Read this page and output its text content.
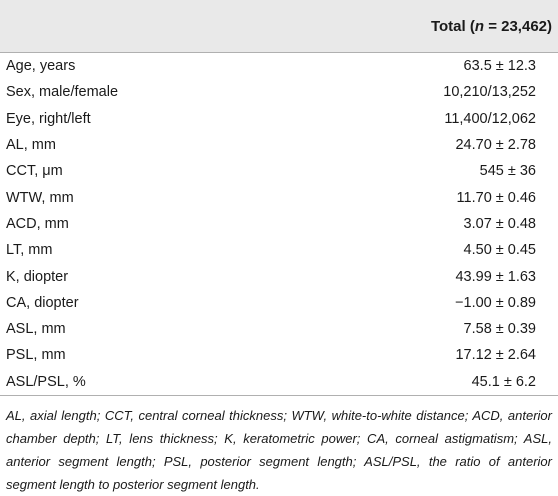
	Total (n = 23,462)
Age, years	63.5 ± 12.3
Sex, male/female	10,210/13,252
Eye, right/left	11,400/12,062
AL, mm	24.70 ± 2.78
CCT, μm	545 ± 36
WTW, mm	11.70 ± 0.46
ACD, mm	3.07 ± 0.48
LT, mm	4.50 ± 0.45
K, diopter	43.99 ± 1.63
CA, diopter	−1.00 ± 0.89
ASL, mm	7.58 ± 0.39
PSL, mm	17.12 ± 2.64
ASL/PSL, %	45.1 ± 6.2
AL, axial length; CCT, central corneal thickness; WTW, white-to-white distance; ACD, anterior chamber depth; LT, lens thickness; K, keratometric power; CA, corneal astigmatism; ASL, anterior segment length; PSL, posterior segment length; ASL/PSL, the ratio of anterior segment length to posterior segment length.
